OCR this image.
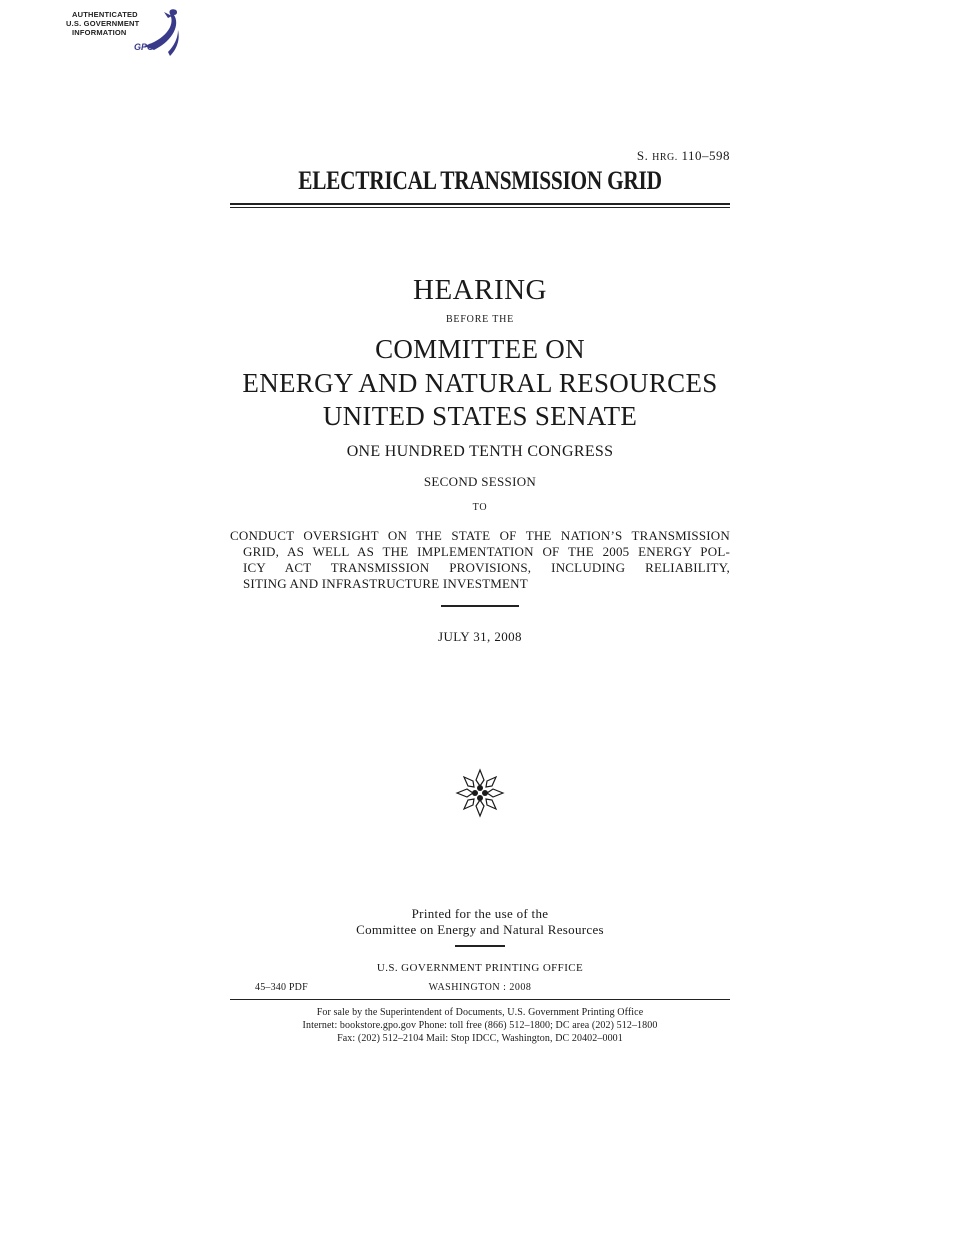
AUTHENTICATED
U.S. GOVERNMENT
INFORMATION
GPO
S. HRG. 110–598
ELECTRICAL TRANSMISSION GRID
HEARING
BEFORE THE
COMMITTEE ON
ENERGY AND NATURAL RESOURCES
UNITED STATES SENATE
ONE HUNDRED TENTH CONGRESS
SECOND SESSION
TO
CONDUCT OVERSIGHT ON THE STATE OF THE NATION’S TRANSMISSION
GRID, AS WELL AS THE IMPLEMENTATION OF THE 2005 ENERGY POL-
ICY ACT TRANSMISSION PROVISIONS, INCLUDING RELIABILITY,
SITING AND INFRASTRUCTURE INVESTMENT
JULY 31, 2008
Printed for the use of the
Committee on Energy and Natural Resources
U.S. GOVERNMENT PRINTING OFFICE
45–340 PDF	WASHINGTON : 2008
For sale by the Superintendent of Documents, U.S. Government Printing Office
Internet: bookstore.gpo.gov Phone: toll free (866) 512–1800; DC area (202) 512–1800
Fax: (202) 512–2104 Mail: Stop IDCC, Washington, DC 20402–0001
